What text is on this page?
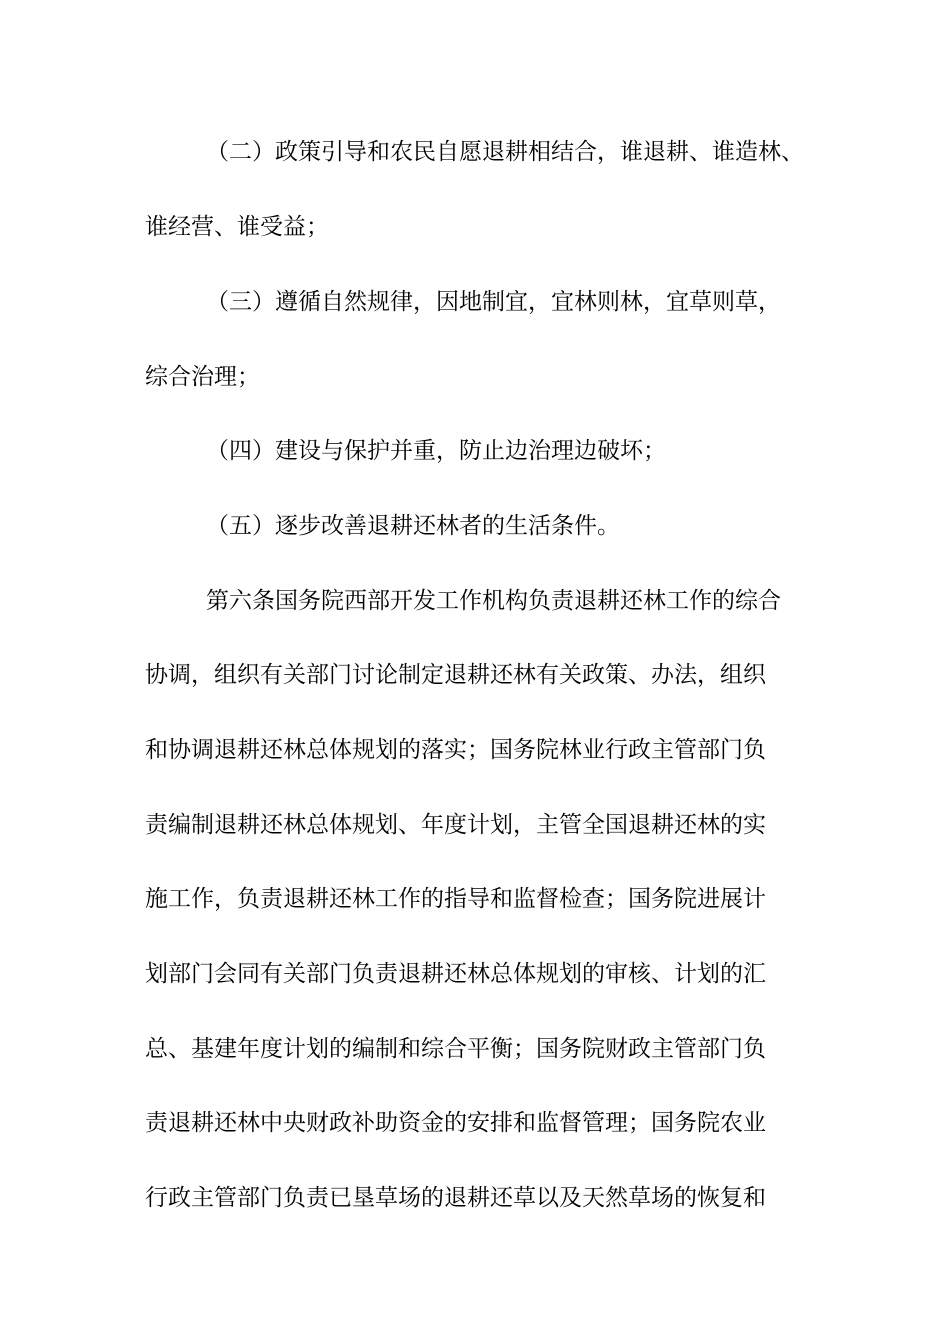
（二）政策引导和农民自愿退耕相结合，谁退耕、谁造林、

谁经营、谁受益；

（三）遵循自然规律，因地制宜，宜林则林，宜草则草，

综合治理；

（四）建设与保护并重，防止边治理边破坏；

（五）逐步改善退耕还林者的生活条件。

第六条国务院西部开发工作机构负责退耕还林工作的综合

协调，组织有关部门讨论制定退耕还林有关政策、办法，组织

和协调退耕还林总体规划的落实；国务院林业行政主管部门负

责编制退耕还林总体规划、年度计划，主管全国退耕还林的实

施工作，负责退耕还林工作的指导和监督检查；国务院进展计

划部门会同有关部门负责退耕还林总体规划的审核、计划的汇

总、基建年度计划的编制和综合平衡；国务院财政主管部门负

责退耕还林中央财政补助资金的安排和监督管理；国务院农业

行政主管部门负责已垦草场的退耕还草以及天然草场的恢复和
